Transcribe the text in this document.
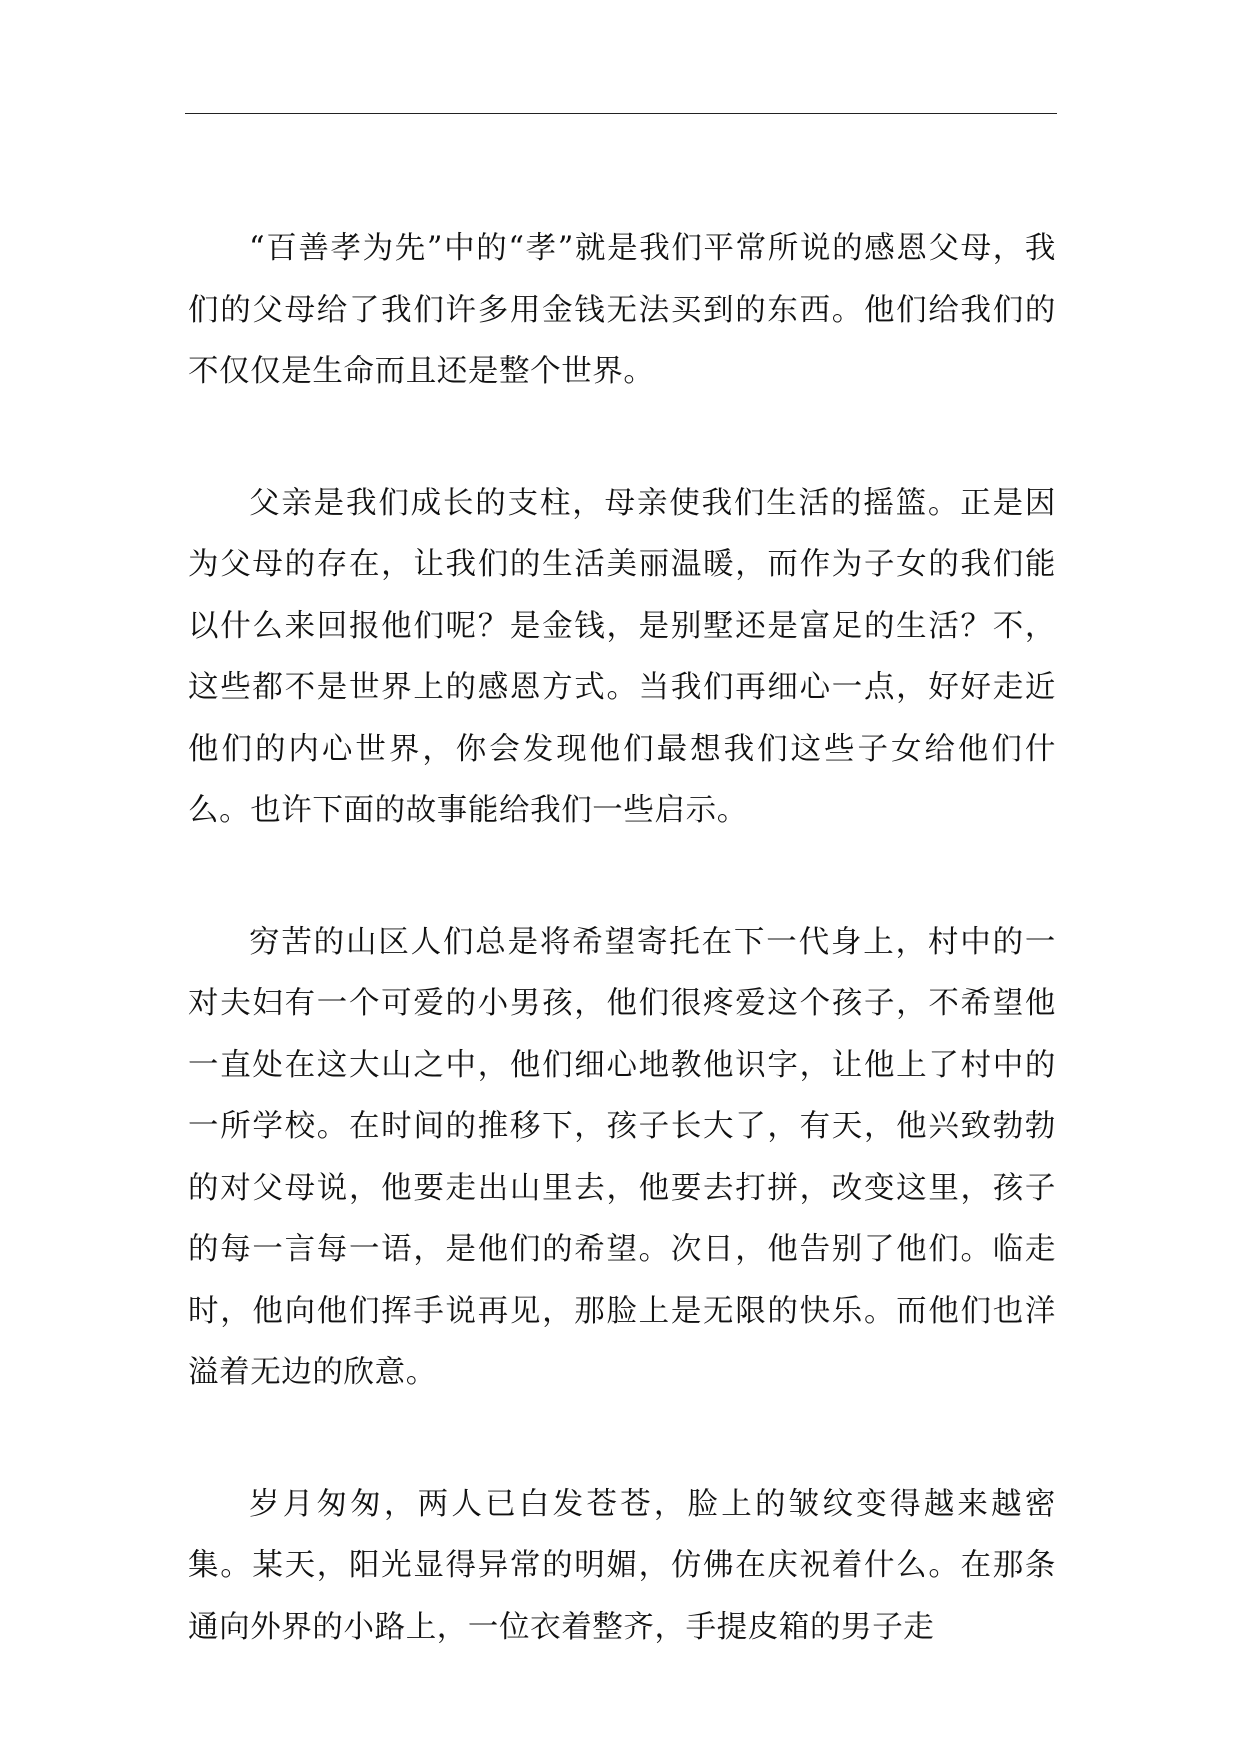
“百善孝为先”中的“孝”就是我们平常所说的感恩父母，我们的父母给了我们许多用金钱无法买到的东西。他们给我们的不仅仅是生命而且还是整个世界。

父亲是我们成长的支柱，母亲使我们生活的摇篮。正是因为父母的存在，让我们的生活美丽温暖，而作为子女的我们能以什么来回报他们呢？是金钱，是别墅还是富足的生活？不，这些都不是世界上的感恩方式。当我们再细心一点，好好走近他们的内心世界，你会发现他们最想我们这些子女给他们什么。也许下面的故事能给我们一些启示。

穷苦的山区人们总是将希望寄托在下一代身上，村中的一对夫妇有一个可爱的小男孩，他们很疼爱这个孩子，不希望他一直处在这大山之中，他们细心地教他识字，让他上了村中的一所学校。在时间的推移下，孩子长大了，有天，他兴致勃勃的对父母说，他要走出山里去，他要去打拼，改变这里，孩子的每一言每一语，是他们的希望。次日，他告别了他们。临走时，他向他们挥手说再见，那脸上是无限的快乐。而他们也洋溢着无边的欣意。

岁月匆匆，两人已白发苍苍，脸上的皱纹变得越来越密集。某天，阳光显得异常的明媚，仿佛在庆祝着什么。在那条通向外界的小路上，一位衣着整齐，手提皮箱的男子走
